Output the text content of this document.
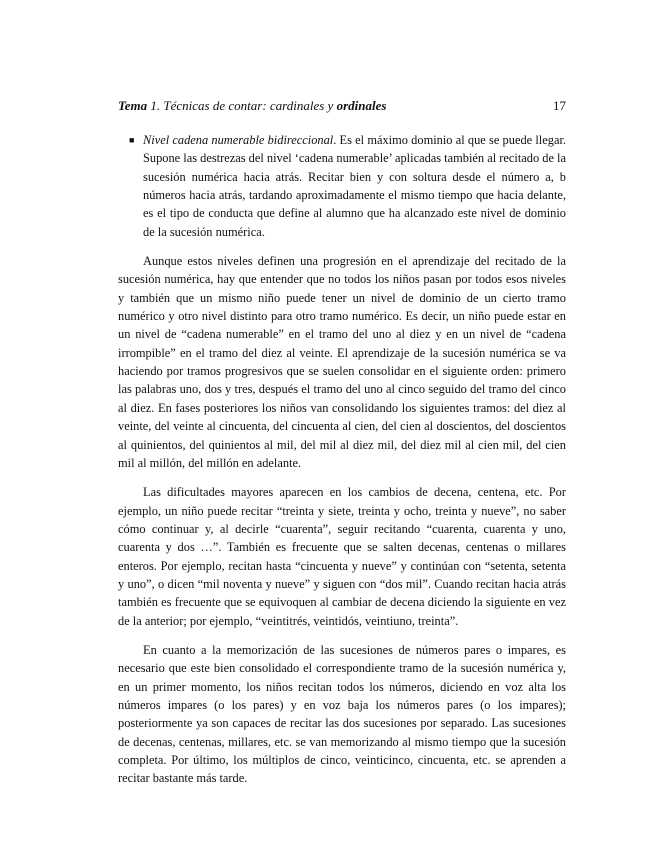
Tema 1. Técnicas de contar: cardinales y ordinales	17
■ Nivel cadena numerable bidireccional. Es el máximo dominio al que se puede llegar. Supone las destrezas del nivel ‘cadena numerable’ aplicadas también al recitado de la sucesión numérica hacia atrás. Recitar bien y con soltura desde el número a, b números hacia atrás, tardando aproximadamente el mismo tiempo que hacia delante, es el tipo de conducta que define al alumno que ha alcanzado este nivel de dominio de la sucesión numérica.

Aunque estos niveles definen una progresión en el aprendizaje del recitado de la sucesión numérica, hay que entender que no todos los niños pasan por todos esos niveles y también que un mismo niño puede tener un nivel de dominio de un cierto tramo numérico y otro nivel distinto para otro tramo numérico. Es decir, un niño puede estar en un nivel de “cadena numerable” en el tramo del uno al diez y en un nivel de “cadena irrompible” en el tramo del diez al veinte. El aprendizaje de la sucesión numérica se va haciendo por tramos progresivos que se suelen consolidar en el siguiente orden: primero las palabras uno, dos y tres, después el tramo del uno al cinco seguido del tramo del cinco al diez. En fases posteriores los niños van consolidando los siguientes tramos: del diez al veinte, del veinte al cincuenta, del cincuenta al cien, del cien al doscientos, del doscientos al quinientos, del quinientos al mil, del mil al diez mil, del diez mil al cien mil, del cien mil al millón, del millón en adelante.

Las dificultades mayores aparecen en los cambios de decena, centena, etc. Por ejemplo, un niño puede recitar “treinta y siete, treinta y ocho, treinta y nueve”, no saber cómo continuar y, al decirle “cuarenta”, seguir recitando “cuarenta, cuarenta y uno, cuarenta y dos …”. También es frecuente que se salten decenas, centenas o millares enteros. Por ejemplo, recitan hasta “cincuenta y nueve” y continúan con “setenta, setenta y uno”, o dicen “mil noventa y nueve” y siguen con “dos mil”. Cuando recitan hacia atrás también es frecuente que se equivoquen al cambiar de decena diciendo la siguiente en vez de la anterior; por ejemplo, “veintitrés, veintidós, veintiuno, treinta”.

En cuanto a la memorización de las sucesiones de números pares o impares, es necesario que este bien consolidado el correspondiente tramo de la sucesión numérica y, en un primer momento, los niños recitan todos los números, diciendo en voz alta los números impares (o los pares) y en voz baja los números pares (o los impares); posteriormente ya son capaces de recitar las dos sucesiones por separado. Las sucesiones de decenas, centenas, millares, etc. se van memorizando al mismo tiempo que la sucesión completa. Por último, los múltiplos de cinco, veinticinco, cincuenta, etc. se aprenden a recitar bastante más tarde.
